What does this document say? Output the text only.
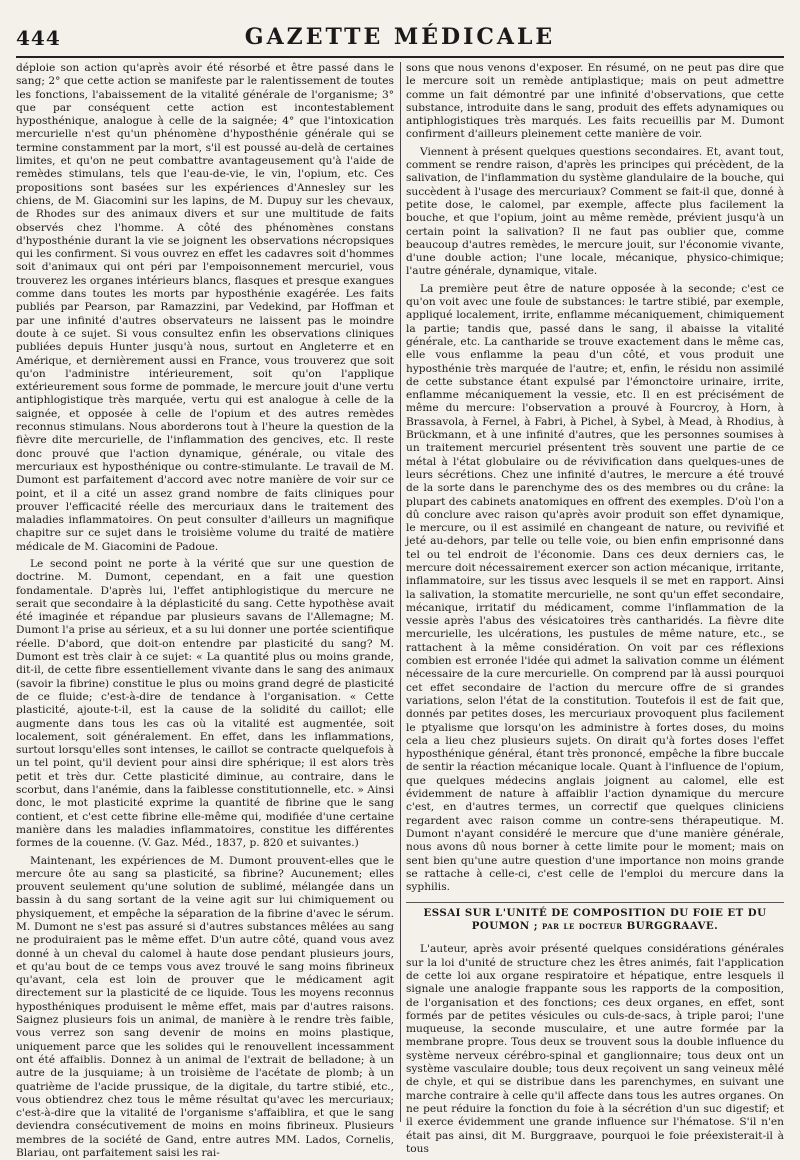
444	GAZETTE MÉDICALE

déploie son action qu'après avoir été résorbé et être passé dans le sang; 2° que cette action se manifeste par le ralentissement de toutes les fonctions, l'abaissement de la vitalité générale de l'organisme; 3° que par conséquent cette action est incontestablement hyposthénique, analogue à celle de la saignée; 4° que l'intoxication mercurielle n'est qu'un phénomène d'hyposthénie générale qui se termine constamment par la mort, s'il est poussé au-delà de certaines limites, et qu'on ne peut combattre avantageusement qu'à l'aide de remèdes stimulans, tels que l'eau-de-vie, le vin, l'opium, etc. Ces propositions sont basées sur les expériences d'Annesley sur les chiens, de M. Giacomini sur les lapins, de M. Dupuy sur les chevaux, de Rhodes sur des animaux divers et sur une multitude de faits observés chez l'homme. A côté des phénomènes constans d'hyposthénie durant la vie se joignent les observations nécropsiques qui les confirment. Si vous ouvrez en effet les cadavres soit d'hommes soit d'animaux qui ont péri par l'empoisonnement mercuriel, vous trouverez les organes intérieurs blancs, flasques et presque exangues comme dans toutes les morts par hyposthénie exagérée. Les faits publiés par Pearson, par Ramazzini, par Vedekind, par Hoffman et par une infinité d'autres observateurs ne laissent pas le moindre doute à ce sujet. Si vous consultez enfin les observations cliniques publiées depuis Hunter jusqu'à nous, surtout en Angleterre et en Amérique, et dernièrement aussi en France, vous trouverez que soit qu'on l'administre intérieurement, soit qu'on l'applique extérieurement sous forme de pommade, le mercure jouit d'une vertu antiphlogistique très marquée, vertu qui est analogue à celle de la saignée, et opposée à celle de l'opium et des autres remèdes reconnus stimulans. Nous aborderons tout à l'heure la question de la fièvre dite mercurielle, de l'inflammation des gencives, etc. Il reste donc prouvé que l'action dynamique, générale, ou vitale des mercuriaux est hyposthénique ou contre-stimulante. Le travail de M. Dumont est parfaitement d'accord avec notre manière de voir sur ce point, et il a cité un assez grand nombre de faits cliniques pour prouver l'efficacité réelle des mercuriaux dans le traitement des maladies inflammatoires. On peut consulter d'ailleurs un magnifique chapitre sur ce sujet dans le troisième volume du traité de matière médicale de M. Giacomini de Padoue.

Le second point ne porte à la vérité que sur une question de doctrine. M. Dumont, cependant, en a fait une question fondamentale. D'après lui, l'effet antiphlogistique du mercure ne serait que secondaire à la déplasticité du sang. Cette hypothèse avait été imaginée et répandue par plusieurs savans de l'Allemagne; M. Dumont l'a prise au sérieux, et a su lui donner une portée scientifique réelle. D'abord, que doit-on entendre par plasticité du sang? M. Dumont est très clair à ce sujet: « La quantité plus ou moins grande, dit-il, de cette fibre essentiellement vivante dans le sang des animaux (savoir la fibrine) constitue le plus ou moins grand degré de plasticité de ce fluide; c'est-à-dire de tendance à l'organisation. « Cette plasticité, ajoute-t-il, est la cause de la solidité du caillot; elle augmente dans tous les cas où la vitalité est augmentée, soit localement, soit généralement. En effet, dans les inflammations, surtout lorsqu'elles sont intenses, le caillot se contracte quelquefois à un tel point, qu'il devient pour ainsi dire sphérique; il est alors très petit et très dur. Cette plasticité diminue, au contraire, dans le scorbut, dans l'anémie, dans la faiblesse constitutionnelle, etc. » Ainsi donc, le mot plasticité exprime la quantité de fibrine que le sang contient, et c'est cette fibrine elle-même qui, modifiée d'une certaine manière dans les maladies inflammatoires, constitue les différentes formes de la couenne. (V. Gaz. Méd., 1837, p. 820 et suivantes.)

Maintenant, les expériences de M. Dumont prouvent-elles que le mercure ôte au sang sa plasticité, sa fibrine? Aucunement; elles prouvent seulement qu'une solution de sublimé, mélangée dans un bassin à du sang sortant de la veine agit sur lui chimiquement ou physiquement, et empêche la séparation de la fibrine d'avec le sérum. M. Dumont ne s'est pas assuré si d'autres substances mêlées au sang ne produiraient pas le même effet. D'un autre côté, quand vous avez donné à un cheval du calomel à haute dose pendant plusieurs jours, et qu'au bout de ce temps vous avez trouvé le sang moins fibrineux qu'avant, cela est loin de prouver que le médicament agit directement sur la plasticité de ce liquide. Tous les moyens reconnus hyposthéniques produisent le même effet, mais par d'autres raisons. Saignez plusieurs fois un animal, de manière à le rendre très faible, vous verrez son sang devenir de moins en moins plastique, uniquement parce que les solides qui le renouvellent incessamment ont été affaiblis. Donnez à un animal de l'extrait de belladone; à un autre de la jusquiame; à un troisième de l'acétate de plomb; à un quatrième de l'acide prussique, de la digitale, du tartre stibié, etc., vous obtiendrez chez tous le même résultat qu'avec les mercuriaux; c'est-à-dire que la vitalité de l'organisme s'affaiblira, et que le sang deviendra consécutivement de moins en moins fibrineux. Plusieurs membres de la société de Gand, entre autres MM. Lados, Cornelis, Blariau, ont parfaitement saisi les rai-

sons que nous venons d'exposer. En résumé, on ne peut pas dire que le mercure soit un remède antiplastique; mais on peut admettre comme un fait démontré par une infinité d'observations, que cette substance, introduite dans le sang, produit des effets adynamiques ou antiphlogistiques très marqués. Les faits recueillis par M. Dumont confirment d'ailleurs pleinement cette manière de voir.

Viennent à présent quelques questions secondaires. Et, avant tout, comment se rendre raison, d'après les principes qui précèdent, de la salivation, de l'inflammation du système glandulaire de la bouche, qui succèdent à l'usage des mercuriaux? Comment se fait-il que, donné à petite dose, le calomel, par exemple, affecte plus facilement la bouche, et que l'opium, joint au même remède, prévient jusqu'à un certain point la salivation? Il ne faut pas oublier que, comme beaucoup d'autres remèdes, le mercure jouit, sur l'économie vivante, d'une double action; l'une locale, mécanique, physico-chimique; l'autre générale, dynamique, vitale.

La première peut être de nature opposée à la seconde; c'est ce qu'on voit avec une foule de substances: le tartre stibié, par exemple, appliqué localement, irrite, enflamme mécaniquement, chimiquement la partie; tandis que, passé dans le sang, il abaisse la vitalité générale, etc. La cantharide se trouve exactement dans le même cas, elle vous enflamme la peau d'un côté, et vous produit une hyposthénie très marquée de l'autre; et, enfin, le résidu non assimilé de cette substance étant expulsé par l'émonctoire urinaire, irrite, enflamme mécaniquement la vessie, etc. Il en est précisément de même du mercure: l'observation a prouvé à Fourcroy, à Horn, à Brassavola, à Fernel, à Fabri, à Pichel, à Sybel, à Mead, à Rhodius, à Brückmann, et à une infinité d'autres, que les personnes soumises à un traitement mercuriel présentent très souvent une partie de ce métal à l'état globulaire ou de révivification dans quelques-unes de leurs sécrétions. Chez une infinité d'autres, le mercure a été trouvé de la sorte dans le parenchyme des os des membres ou du crâne: la plupart des cabinets anatomiques en offrent des exemples. D'où l'on a dû conclure avec raison qu'après avoir produit son effet dynamique, le mercure, ou il est assimilé en changeant de nature, ou revivifié et jeté au-dehors, par telle ou telle voie, ou bien enfin emprisonné dans tel ou tel endroit de l'économie. Dans ces deux derniers cas, le mercure doit nécessairement exercer son action mécanique, irritante, inflammatoire, sur les tissus avec lesquels il se met en rapport. Ainsi la salivation, la stomatite mercurielle, ne sont qu'un effet secondaire, mécanique, irritatif du médicament, comme l'inflammation de la vessie après l'abus des vésicatoires très cantharidés. La fièvre dite mercurielle, les ulcérations, les pustules de même nature, etc., se rattachent à la même considération. On voit par ces réflexions combien est erronée l'idée qui admet la salivation comme un élément nécessaire de la cure mercurielle. On comprend par là aussi pourquoi cet effet secondaire de l'action du mercure offre de si grandes variations, selon l'état de la constitution. Toutefois il est de fait que, donnés par petites doses, les mercuriaux provoquent plus facilement le ptyalisme que lorsqu'on les administre à fortes doses, du moins cela a lieu chez plusieurs sujets. On dirait qu'à fortes doses l'effet hyposthénique général, étant très prononcé, empêche la fibre buccale de sentir la réaction mécanique locale. Quant à l'influence de l'opium, que quelques médecins anglais joignent au calomel, elle est évidemment de nature à affaiblir l'action dynamique du mercure c'est, en d'autres termes, un correctif que quelques cliniciens regardent avec raison comme un contre-sens thérapeutique. M. Dumont n'ayant considéré le mercure que d'une manière générale, nous avons dû nous borner à cette limite pour le moment; mais on sent bien qu'une autre question d'une importance non moins grande se rattache à celle-ci, c'est celle de l'emploi du mercure dans la syphilis.

ESSAI SUR L'UNITÉ DE COMPOSITION DU FOIE ET DU POUMON ; par le docteur BURGGRAAVE.

L'auteur, après avoir présenté quelques considérations générales sur la loi d'unité de structure chez les êtres animés, fait l'application de cette loi aux organe respiratoire et hépatique, entre lesquels il signale une analogie frappante sous les rapports de la composition, de l'organisation et des fonctions; ces deux organes, en effet, sont formés par de petites vésicules ou culs-de-sacs, à triple paroi; l'une muqueuse, la seconde musculaire, et une autre formée par la membrane propre. Tous deux se trouvent sous la double influence du système nerveux cérébro-spinal et ganglionnaire; tous deux ont un système vasculaire double; tous deux reçoivent un sang veineux mêlé de chyle, et qui se distribue dans les parenchymes, en suivant une marche contraire à celle qu'il affecte dans tous les autres organes. On ne peut réduire la fonction du foie à la sécrétion d'un suc digestif; et il exerce évidemment une grande influence sur l'hématose. S'il n'en était pas ainsi, dit M. Burggraave, pourquoi le foie préexisterait-il à tous
